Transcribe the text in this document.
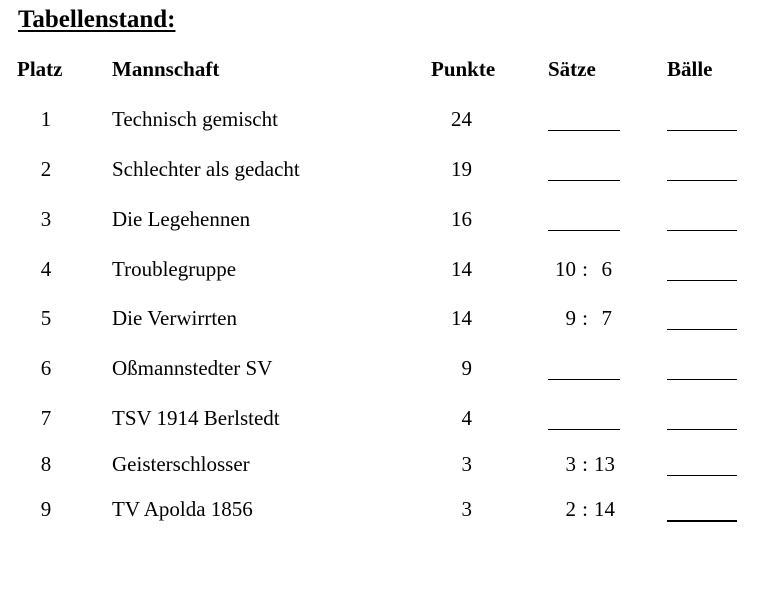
Tabellenstand:
Platz Mannschaft	Punkte	Sätze	Bälle
1	Technisch gemischt	24
2	Schlechter als gedacht	19
3	Die Legehennen	16
4	Troublegruppe	14	10 : 6
5	Die Verwirrten	14	9 : 7
6	Oßmannstedter SV	9
7	TSV 1914 Berlstedt	4
8	Geisterschlosser	3	3 : 13
9	TV Apolda 1856	3	2 : 14
